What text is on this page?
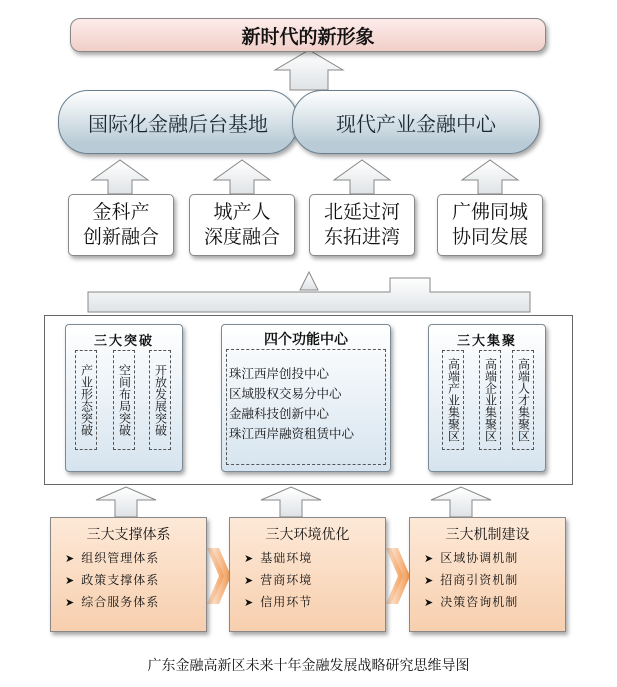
新时代的新形象
国际化金融后台基地	现代产业金融中心
金科产
创新融合
城产人
深度融合
北延过河
东拓进湾
广佛同城
协同发展
三大突破
产业形态突破	空间布局突破	开放发展突破
四个功能中心
珠江西岸创投中心
区域股权交易分中心
金融科技创新中心
珠江西岸融资租赁中心
三大集聚
高端产业集聚区	高端企业集聚区	高端人才集聚区
三大支撑体系
➤ 组织管理体系
➤ 政策支撑体系
➤ 综合服务体系
三大环境优化
➤ 基础环境
➤ 营商环境
➤ 信用环节
三大机制建设
➤ 区域协调机制
➤ 招商引资机制
➤ 决策咨询机制
广东金融高新区未来十年金融发展战略研究思维导图
